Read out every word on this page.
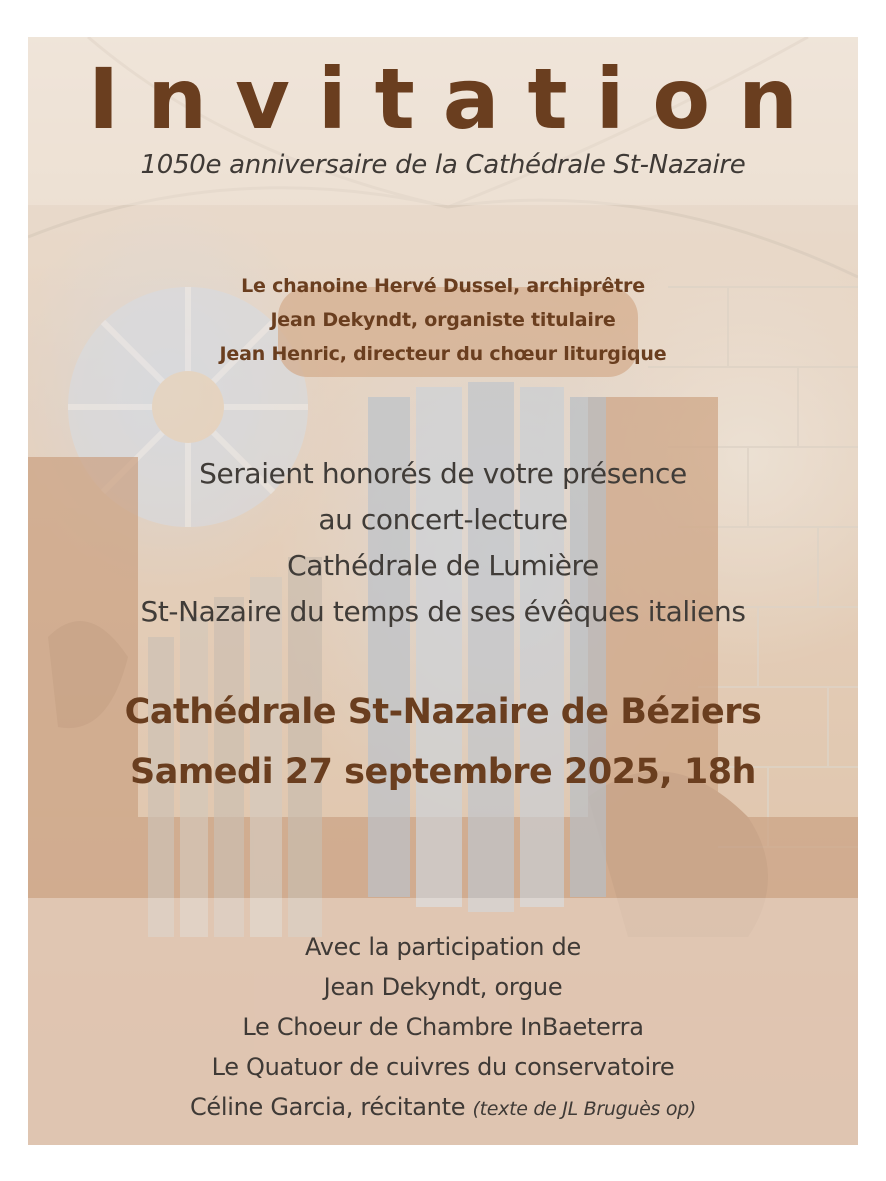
Invitation
1050e anniversaire de la Cathédrale St-Nazaire
Le chanoine Hervé Dussel, archiprêtre
Jean Dekyndt, organiste titulaire
Jean Henric, directeur du chœur liturgique
Seraient honorés de votre présence
au concert-lecture
Cathédrale de Lumière
St-Nazaire du temps de ses évêques italiens
Cathédrale St-Nazaire de Béziers
Samedi 27 septembre 2025, 18h
Avec la participation de
Jean Dekyndt, orgue
Le Choeur de Chambre InBaeterra
Le Quatuor de cuivres du conservatoire
Céline Garcia, récitante (texte de JL Bruguès op)
